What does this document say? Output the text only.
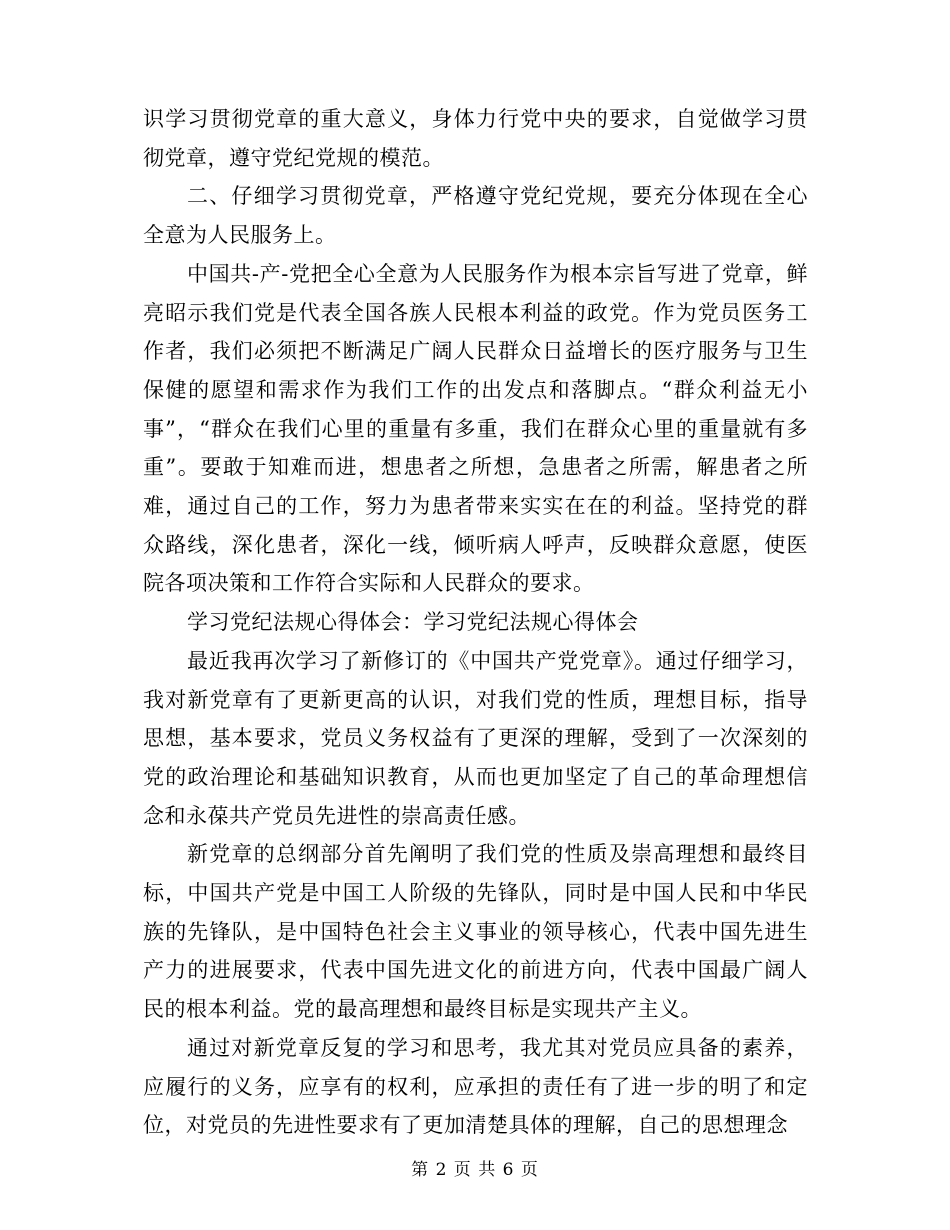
识学习贯彻党章的重大意义，身体力行党中央的要求，自觉做学习贯彻党章，遵守党纪党规的模范。

二、仔细学习贯彻党章，严格遵守党纪党规，要充分体现在全心全意为人民服务上。

中国共-产-党把全心全意为人民服务作为根本宗旨写进了党章，鲜亮昭示我们党是代表全国各族人民根本利益的政党。作为党员医务工作者，我们必须把不断满足广阔人民群众日益增长的医疗服务与卫生保健的愿望和需求作为我们工作的出发点和落脚点。“群众利益无小事”，“群众在我们心里的重量有多重，我们在群众心里的重量就有多重”。要敢于知难而进，想患者之所想，急患者之所需，解患者之所难，通过自己的工作，努力为患者带来实实在在的利益。坚持党的群众路线，深化患者，深化一线，倾听病人呼声，反映群众意愿，使医院各项决策和工作符合实际和人民群众的要求。

学习党纪法规心得体会：学习党纪法规心得体会

最近我再次学习了新修订的《中国共产党党章》。通过仔细学习，我对新党章有了更新更高的认识，对我们党的性质，理想目标，指导思想，基本要求，党员义务权益有了更深的理解，受到了一次深刻的党的政治理论和基础知识教育，从而也更加坚定了自己的革命理想信念和永葆共产党员先进性的崇高责任感。

新党章的总纲部分首先阐明了我们党的性质及崇高理想和最终目标，中国共产党是中国工人阶级的先锋队，同时是中国人民和中华民族的先锋队，是中国特色社会主义事业的领导核心，代表中国先进生产力的进展要求，代表中国先进文化的前进方向，代表中国最广阔人民的根本利益。党的最高理想和最终目标是实现共产主义。

通过对新党章反复的学习和思考，我尤其对党员应具备的素养，应履行的义务，应享有的权利，应承担的责任有了进一步的明了和定位，对党员的先进性要求有了更加清楚具体的理解，自己的思想理念

第 2 页 共 6 页
